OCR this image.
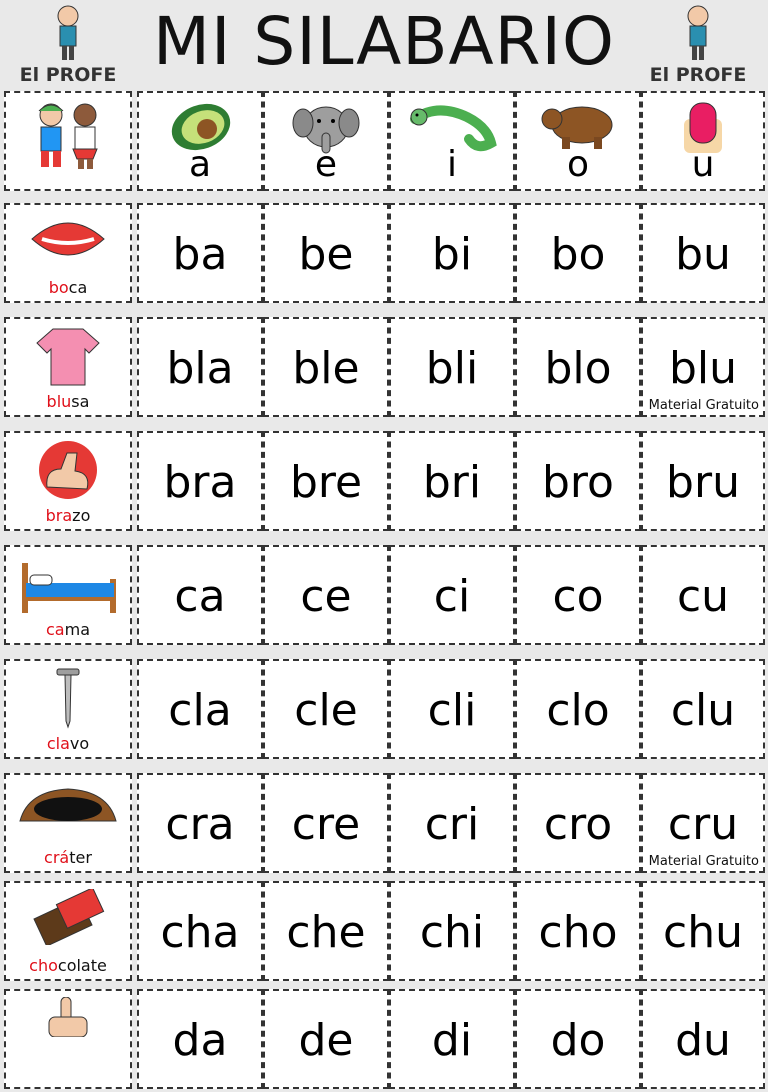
El PROFE MI SILABARIO	El PROFE
a	e	i	o	u
boca
ba	be	bi	bo	bu
blusa
bla	ble	bli	blo	blu
Material Gratuito
brazo
bra	bre	bri	bro	bru
cama
ca	ce	ci	co	cu
clavo
cla	cle	cli	clo	clu
cráter
cra	cre	cri	cro	cru
Material Gratuito
chocolate
cha	che	chi	cho	chu
da	de	di	do	du
